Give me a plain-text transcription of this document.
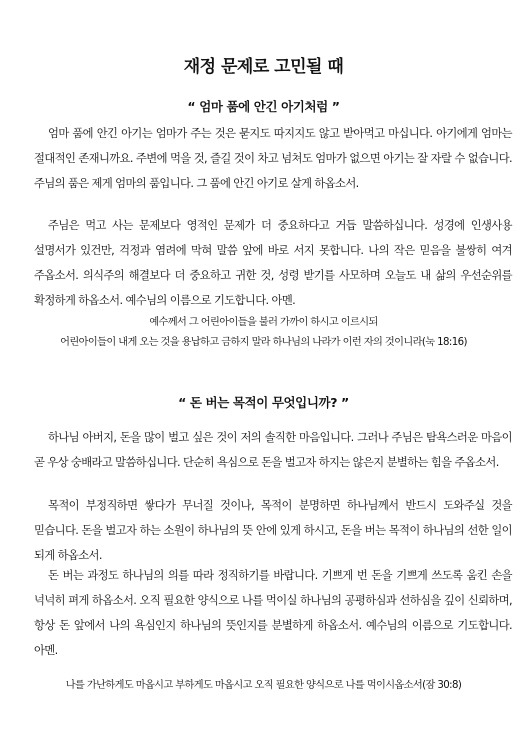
재정 문제로 고민될 때
“ 엄마 품에 안긴 아기처럼 ”

엄마 품에 안긴 아기는 엄마가 주는 것은 묻지도 따지지도 않고 받아먹고 마십니다. 아기에게 엄마는 절대적인 존재니까요. 주변에 먹을 것, 즐길 것이 차고 넘쳐도 엄마가 없으면 아기는 잘 자랄 수 없습니다. 주님의 품은 제게 엄마의 품입니다. 그 품에 안긴 아기로 살게 하옵소서.

주님은 먹고 사는 문제보다 영적인 문제가 더 중요하다고 거듭 말씀하십니다. 성경에 인생사용 설명서가 있건만, 걱정과 염려에 막혀 말씀 앞에 바로 서지 못합니다. 나의 작은 믿음을 불쌍히 여겨 주옵소서. 의식주의 해결보다 더 중요하고 귀한 것, 성령 받기를 사모하며 오늘도 내 삶의 우선순위를 확정하게 하옵소서. 예수님의 이름으로 기도합니다. 아멘.

예수께서 그 어린아이들을 불러 가까이 하시고 이르시되
어린아이들이 내게 오는 것을 용납하고 금하지 말라 하나님의 나라가 이런 자의 것이니라(눅 18:16)
“ 돈 버는 목적이 무엇입니까? ”

하나님 아버지, 돈을 많이 벌고 싶은 것이 저의 솔직한 마음입니다. 그러나 주님은 탐욕스러운 마음이 곧 우상 숭배라고 말씀하십니다. 단순히 욕심으로 돈을 벌고자 하지는 않은지 분별하는 힘을 주옵소서.

목적이 부정직하면 쌓다가 무너질 것이나, 목적이 분명하면 하나님께서 반드시 도와주실 것을 믿습니다. 돈을 벌고자 하는 소원이 하나님의 뜻 안에 있게 하시고, 돈을 버는 목적이 하나님의 선한 일이 되게 하옵소서.

돈 버는 과정도 하나님의 의를 따라 정직하기를 바랍니다. 기쁘게 번 돈을 기쁘게 쓰도록 움킨 손을 넉넉히 펴게 하옵소서. 오직 필요한 양식으로 나를 먹이실 하나님의 공평하심과 선하심을 깊이 신뢰하며, 항상 돈 앞에서 나의 욕심인지 하나님의 뜻인지를 분별하게 하옵소서. 예수님의 이름으로 기도합니다. 아멘.

나를 가난하게도 마옵시고 부하게도 마옵시고 오직 필요한 양식으로 나를 먹이시옵소서(잠 30:8)
